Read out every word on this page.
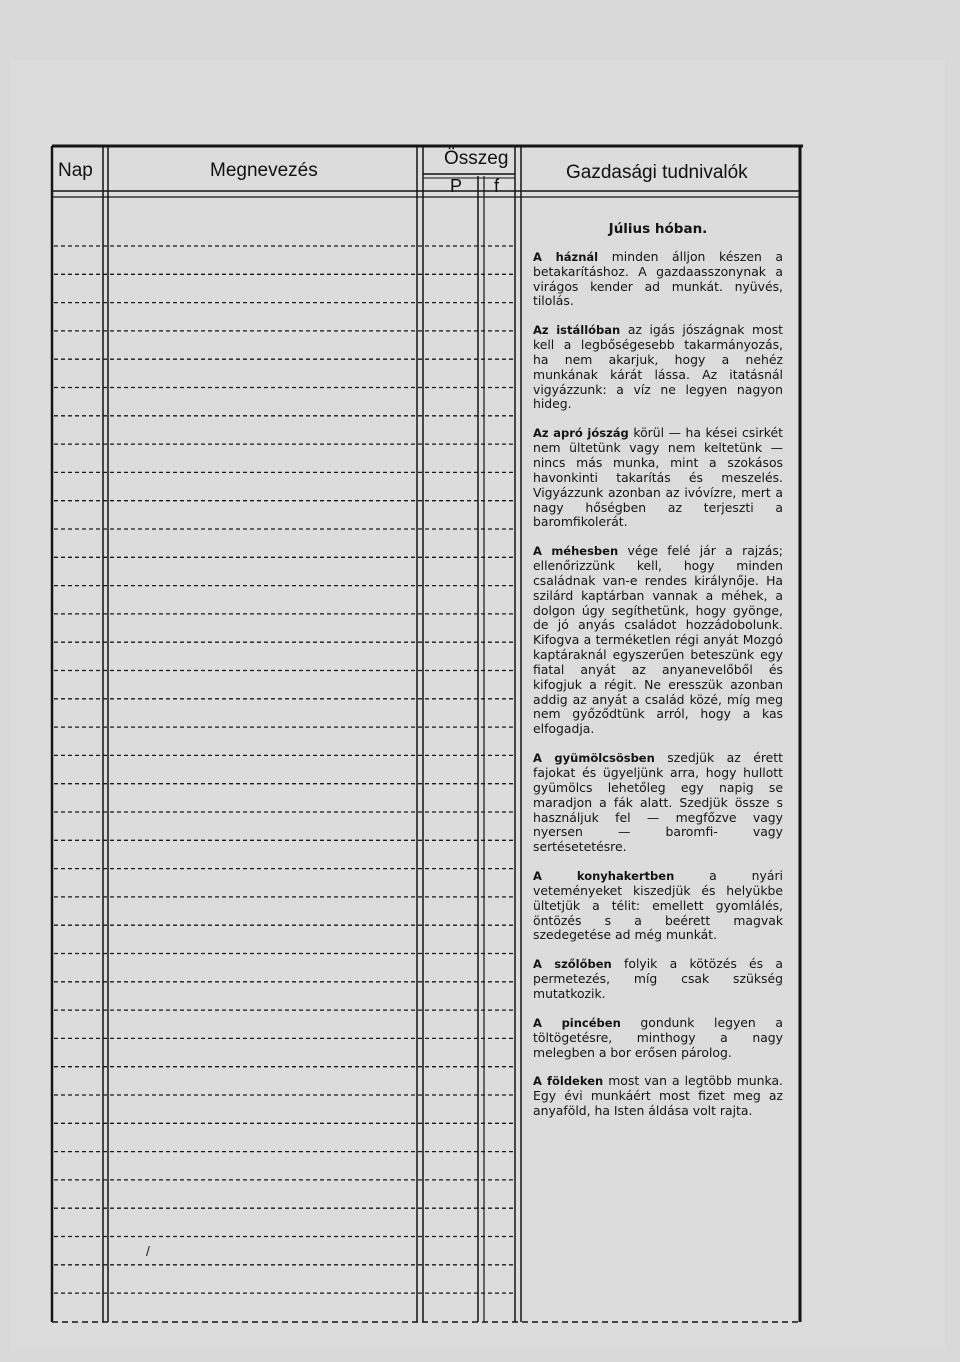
Nap	Megnevezés
Összeg
P f
Gazdasági tudnivalók

Július hóban.

A háznál minden álljon készen a betakarításhoz. A gazdaasszonynak a virágos kender ad munkát. nyüvés, tilolás.

Az istállóban az igás jószágnak most kell a legbőségesebb takarmányozás, ha nem akarjuk, hogy a nehéz munkának kárát lássa. Az itatásnál vigyázzunk: a víz ne legyen nagyon hideg.

Az apró jószág körül — ha kései csirkét nem ültetünk vagy nem keltetünk — nincs más munka, mint a szokásos havonkinti takarítás és meszelés. Vigyázzunk azonban az ivóvízre, mert a nagy hőségben az terjeszti a baromfikolerát.

A méhesben vége felé jár a rajzás; ellenőrizzünk kell, hogy minden családnak van-e rendes királynője. Ha szilárd kaptárban vannak a méhek, a dolgon úgy segíthetünk, hogy gyönge, de jó anyás családot hozzádobolunk. Kifogva a terméketlen régi anyát Mozgó kaptáraknál egyszerűen beteszünk egy fiatal anyát az anyanevelőből és kifogjuk a régit. Ne eresszük azonban addig az anyát a család közé, míg meg nem győződtünk arról, hogy a kas elfogadja.

A gyümölcsösben szedjük az érett fajokat és ügyeljünk arra, hogy hullott gyümölcs lehetőleg egy napig se maradjon a fák alatt. Szedjük össze s használjuk fel — megfőzve vagy nyersen — baromfi- vagy sertésetetésre.

A konyhakertben a nyári veteményeket kiszedjük és helyükbe ültetjük a télit: emellett gyomlálés, öntözés s a beérett magvak szedegetése ad még munkát.

A szőlőben folyik a kötözés és a permetezés, míg csak szükség mutatkozik.

A pincében gondunk legyen a töltögetésre, minthogy a nagy melegben a bor erősen párolog.

A földeken most van a legtöbb munka. Egy évi munkáért most fizet meg az anyaföld, ha Isten áldása volt rajta.

/
